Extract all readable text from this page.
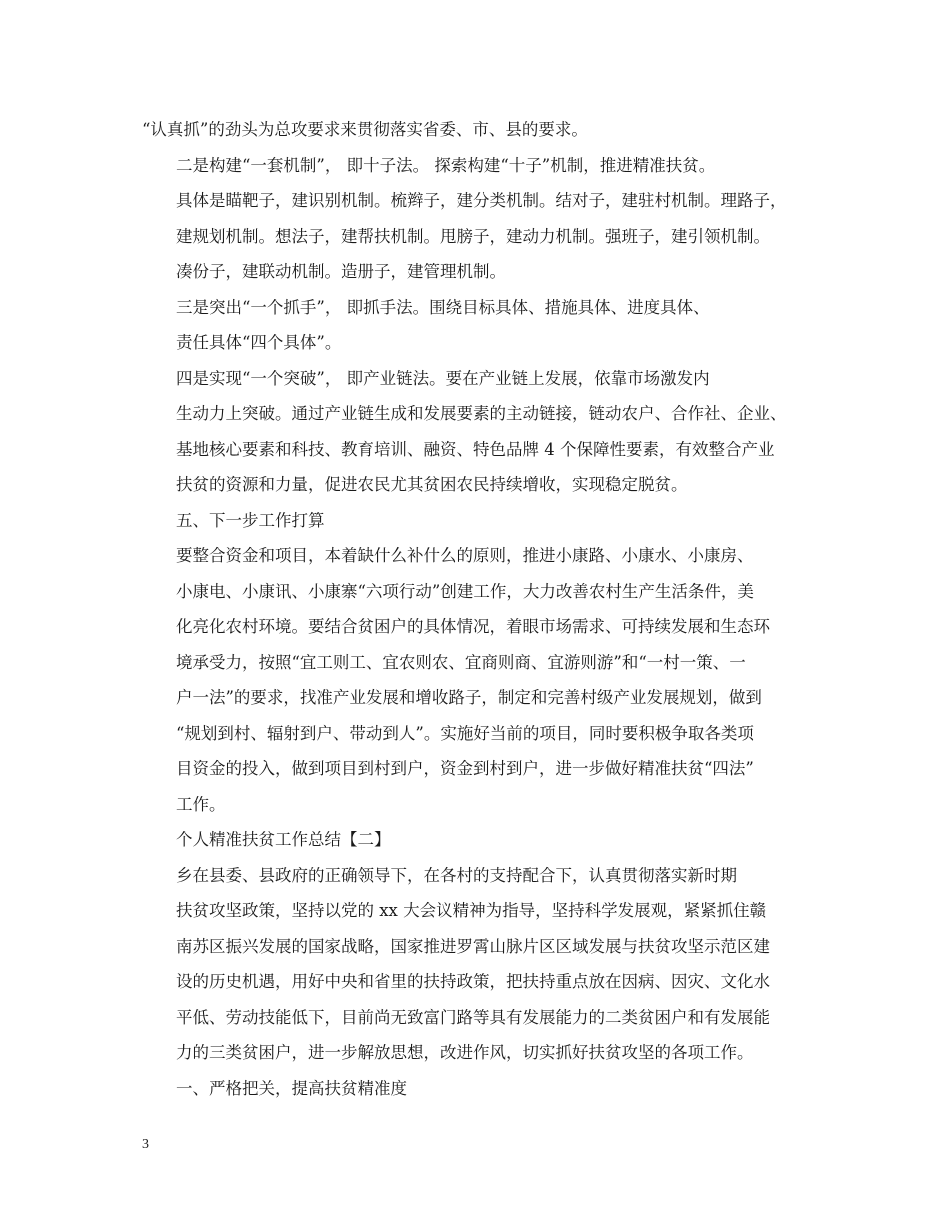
“认真抓”的劲头为总攻要求来贯彻落实省委、市、县的要求。

二是构建“一套机制”， 即十子法。 探索构建“十子”机制，推进精准扶贫。
具体是瞄靶子，建识别机制。梳辫子，建分类机制。结对子，建驻村机制。理路子，
建规划机制。想法子，建帮扶机制。甩膀子，建动力机制。强班子，建引领机制。
凑份子，建联动机制。造册子，建管理机制。

三是突出“一个抓手”， 即抓手法。围绕目标具体、措施具体、进度具体、
责任具体“四个具体”。

四是实现“一个突破”， 即产业链法。要在产业链上发展，依靠市场激发内
生动力上突破。通过产业链生成和发展要素的主动链接，链动农户、合作社、企业、
基地核心要素和科技、教育培训、融资、特色品牌 4 个保障性要素，有效整合产业
扶贫的资源和力量，促进农民尤其贫困农民持续增收，实现稳定脱贫。

五、下一步工作打算

要整合资金和项目，本着缺什么补什么的原则，推进小康路、小康水、小康房、
小康电、小康讯、小康寨“六项行动”创建工作，大力改善农村生产生活条件，美
化亮化农村环境。要结合贫困户的具体情况，着眼市场需求、可持续发展和生态环
境承受力，按照“宜工则工、宜农则农、宜商则商、宜游则游”和“一村一策、一
户一法”的要求，找准产业发展和增收路子，制定和完善村级产业发展规划，做到
“规划到村、辐射到户、带动到人”。实施好当前的项目，同时要积极争取各类项
目资金的投入，做到项目到村到户，资金到村到户，进一步做好精准扶贫“四法”
工作。

个人精准扶贫工作总结【二】

乡在县委、县政府的正确领导下，在各村的支持配合下，认真贯彻落实新时期
扶贫攻坚政策，坚持以党的 xx 大会议精神为指导，坚持科学发展观，紧紧抓住赣
南苏区振兴发展的国家战略，国家推进罗霄山脉片区区域发展与扶贫攻坚示范区建
设的历史机遇，用好中央和省里的扶持政策，把扶持重点放在因病、因灾、文化水
平低、劳动技能低下，目前尚无致富门路等具有发展能力的二类贫困户和有发展能
力的三类贫困户，进一步解放思想，改进作风，切实抓好扶贫攻坚的各项工作。

一、严格把关，提高扶贫精准度

3
